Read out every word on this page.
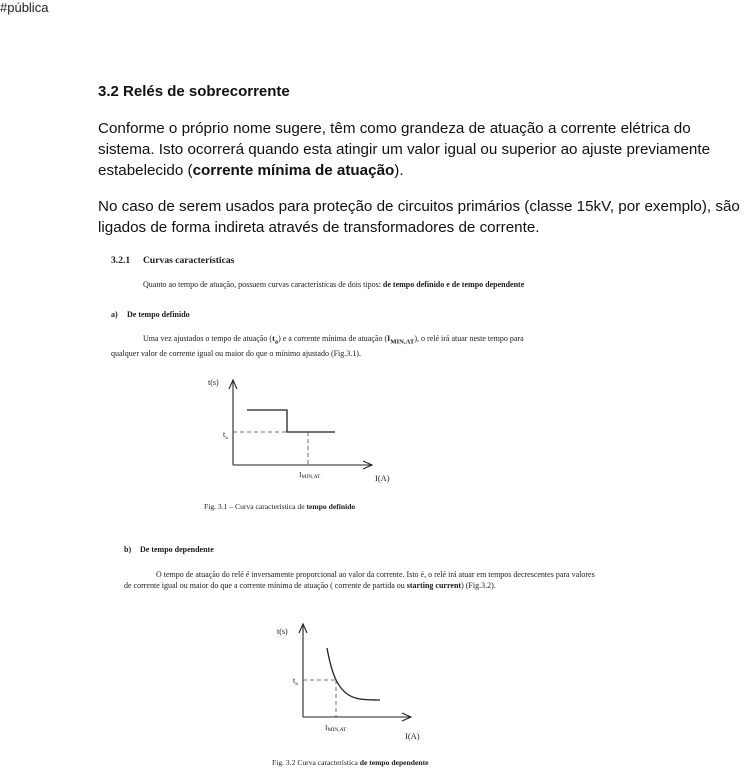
#pública
3.2 Relés de sobrecorrente
Conforme o próprio nome sugere, têm como grandeza de atuação a corrente elétrica do sistema. Isto ocorrerá quando esta atingir um valor igual ou superior ao ajuste previamente estabelecido (corrente mínima de atuação).
No caso de serem usados para proteção de circuitos primários (classe 15kV, por exemplo), são ligados de forma indireta através de transformadores de corrente.
3.2.1 Curvas características
Quanto ao tempo de atuação, possuem curvas características de dois tipos: de tempo definido e de tempo dependente
a) De tempo definido
Uma vez ajustados o tempo de atuação $(t_a)$ e a corrente mínima de atuação $(I_{MIN,AT})$, o relé irá atuar neste tempo para qualquer valor de corrente igual ou maior do que o mínimo ajustado (Fig.3.1).
t(s)
$t_a$
IMIN,AT	I(A)
Fig. 3.1 – Curva característica de tempo definido
b) De tempo dependente
O tempo de atuação do relé é inversamente proporcional ao valor da corrente. Isto é, o relé irá atuar em tempos decrescentes para valores de corrente igual ou maior do que a corrente mínima de atuação ( corrente de partida ou starting current) (Fig.3.2).
t(s)
$t_a$
IMIN,AT
I(A)
Fig. 3.2 Curva característica de tempo dependente
